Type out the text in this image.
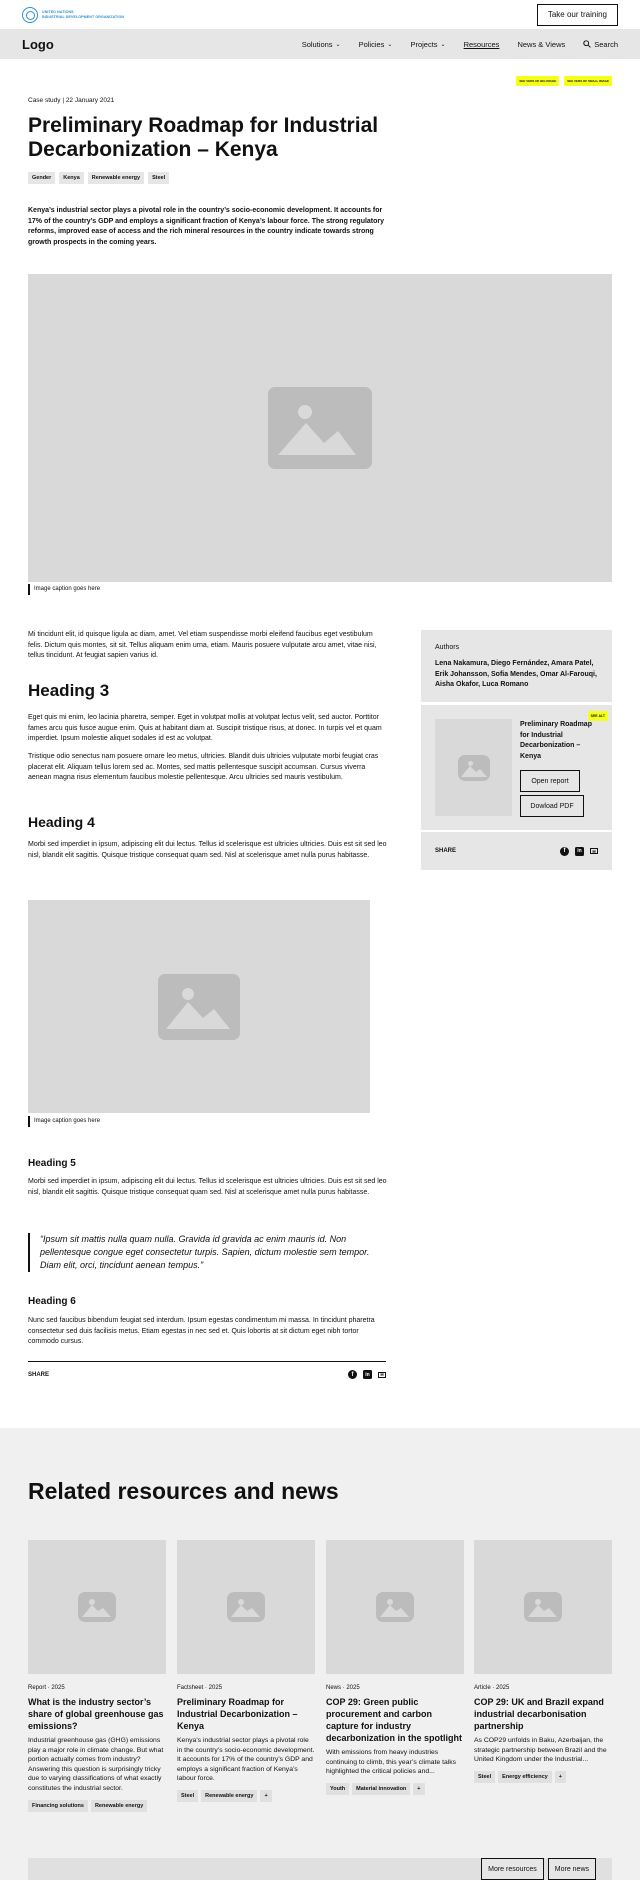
UNITED NATIONS
INDUSTRIAL DEVELOPMENT ORGANIZATION	Take our training
Logo	Solutions ⌄ Policies ⌄ Projects ⌄ Resources News & Views	Search
SEE VERS OF BIG IMAGE	SEE VERS OF SMALL IMAGE
Case study | 22 January 2021
Preliminary Roadmap for Industrial Decarbonization – Kenya
Gender	Kenya	Renewable energy	Steel

Kenya’s industrial sector plays a pivotal role in the country’s socio-economic development. It accounts for 17% of the country’s GDP and employs a significant fraction of Kenya’s labour force. The strong regulatory reforms, improved ease of access and the rich mineral resources in the country indicate towards strong growth prospects in the coming years.

Image caption goes here

Mi tincidunt elit, id quisque ligula ac diam, amet. Vel etiam suspendisse morbi eleifend faucibus eget vestibulum felis. Dictum quis montes, sit sit. Tellus aliquam enim urna, etiam. Mauris posuere vulputate arcu amet, vitae nisi, tellus tincidunt. At feugiat sapien varius id.

Heading 3

Eget quis mi enim, leo lacinia pharetra, semper. Eget in volutpat mollis at volutpat lectus velit, sed auctor. Porttitor fames arcu quis fusce augue enim. Quis at habitant diam at. Suscipit tristique risus, at donec. In turpis vel et quam imperdiet. Ipsum molestie aliquet sodales id est ac volutpat.

Tristique odio senectus nam posuere ornare leo metus, ultricies. Blandit duis ultricies vulputate morbi feugiat cras placerat elit. Aliquam tellus lorem sed ac. Montes, sed mattis pellentesque suscipit accumsan. Cursus viverra aenean magna risus elementum faucibus molestie pellentesque. Arcu ultricies sed mauris vestibulum.

Heading 4

Morbi sed imperdiet in ipsum, adipiscing elit dui lectus. Tellus id scelerisque est ultricies ultricies. Duis est sit sed leo nisl, blandit elit sagittis. Quisque tristique consequat quam sed. Nisl at scelerisque amet nulla purus habitasse.

Image caption goes here
Heading 5

Morbi sed imperdiet in ipsum, adipiscing elit dui lectus. Tellus id scelerisque est ultricies ultricies. Duis est sit sed leo nisl, blandit elit sagittis. Quisque tristique consequat quam sed. Nisl at scelerisque amet nulla purus habitasse.

“Ipsum sit mattis nulla quam nulla. Gravida id gravida ac enim mauris id. Non pellentesque congue eget consectetur turpis. Sapien, dictum molestie sem tempor. Diam elit, orci, tincidunt aenean tempus.”
Heading 6

Nunc sed faucibus bibendum feugiat sed interdum. Ipsum egestas condimentum mi massa. In tincidunt pharetra consectetur sed duis facilisis metus. Etiam egestas in nec sed et. Quis lobortis at sit dictum eget nibh tortor commodo cursus.

SHARE	f	in	✉
Authors
Lena Nakamura, Diego Fernández, Amara Patel, Erik Johansson, Sofia Mendes, Omar Al-Farouqi, Aisha Okafor, Luca Romano
SEE ALT
Preliminary Roadmap for Industrial Decarbonization – Kenya
Open report
Dowload PDF
SHARE	f	in	✉
Related resources and news
Report · 2025
What is the industry sector’s share of global greenhouse gas emissions?
Industrial greenhouse gas (GHG) emissions play a major role in climate change. But what portion actually comes from industry? Answering this question is surprisingly tricky due to varying classifications of what exactly constitutes the industrial sector.
Financing solutions	Renewable energy
Factsheet · 2025
Preliminary Roadmap for Industrial Decarbonization – Kenya
Kenya’s industrial sector plays a pivotal role in the country’s socio-economic development. It accounts for 17% of the country’s GDP and employs a significant fraction of Kenya’s labour force.
Steel	Renewable energy	+
News · 2025
COP 29: Green public procurement and carbon capture for industry decarbonization in the spotlight
With emissions from heavy industries continuing to climb, this year’s climate talks highlighted the critical policies and...
Youth	Material innovation	+
Article · 2025
COP 29: UK and Brazil expand industrial decarbonisation partnership
As COP29 unfolds in Baku, Azerbaijan, the strategic partnership between Brazil and the United Kingdom under the Industrial...
Steel	Energy efficiency	+
More resources	More news
